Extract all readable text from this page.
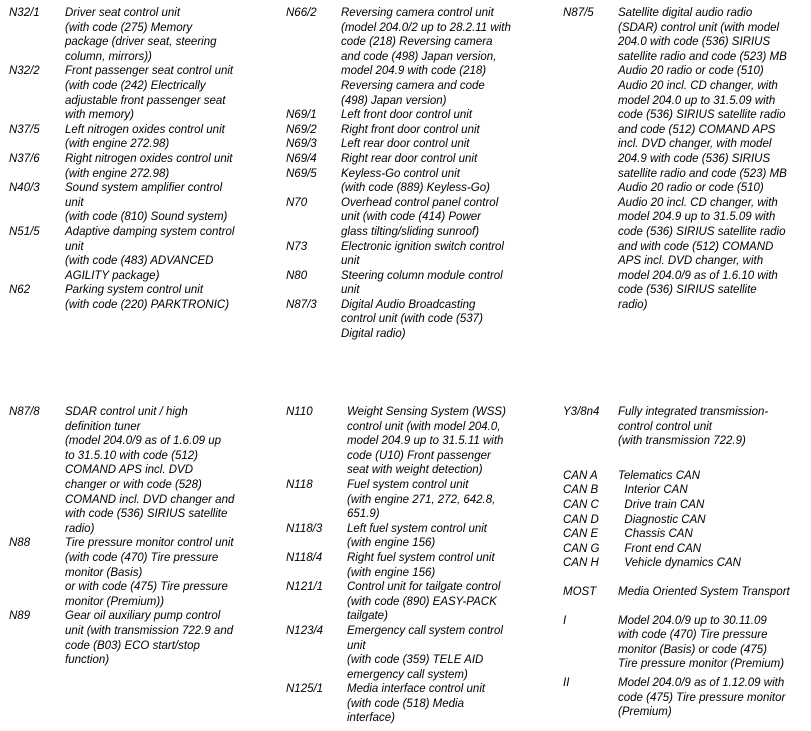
N32/1	Driver seat control unit
(with code (275) Memory
package (driver seat, steering
column, mirrors))
N32/2	Front passenger seat control unit
(with code (242) Electrically
adjustable front passenger seat
with memory)
N37/5	Left nitrogen oxides control unit
(with engine 272.98)
N37/6	Right nitrogen oxides control unit
(with engine 272.98)
N40/3	Sound system amplifier control
unit
(with code (810) Sound system)
N51/5	Adaptive damping system control
unit
(with code (483) ADVANCED
AGILITY package)
N62	Parking system control unit
(with code (220) PARKTRONIC)
N66/2	Reversing camera control unit
(model 204.0/2 up to 28.2.11 with
code (218) Reversing camera
and code (498) Japan version,
model 204.9 with code (218)
Reversing camera and code
(498) Japan version)
N69/1	Left front door control unit
N69/2	Right front door control unit
N69/3	Left rear door control unit
N69/4	Right rear door control unit
N69/5	Keyless-Go control unit
(with code (889) Keyless-Go)
N70	Overhead control panel control
unit (with code (414) Power
glass tilting/sliding sunroof)
N73	Electronic ignition switch control
unit
N80	Steering column module control
unit
N87/3	Digital Audio Broadcasting
control unit (with code (537)
Digital radio)
N87/5	Satellite digital audio radio
(SDAR) control unit (with model
204.0 with code (536) SIRIUS
satellite radio and code (523) MB
Audio 20 radio or code (510)
Audio 20 incl. CD changer, with
model 204.0 up to 31.5.09 with
code (536) SIRIUS satellite radio
and code (512) COMAND APS
incl. DVD changer, with model
204.9 with code (536) SIRIUS
satellite radio and code (523) MB
Audio 20 radio or code (510)
Audio 20 incl. CD changer, with
model 204.9 up to 31.5.09 with
code (536) SIRIUS satellite radio
and with code (512) COMAND
APS incl. DVD changer, with
model 204.0/9 as of 1.6.10 with
code (536) SIRIUS satellite
radio)
N87/8	SDAR control unit / high
definition tuner
(model 204.0/9 as of 1.6.09 up
to 31.5.10 with code (512)
COMAND APS incl. DVD
changer or with code (528)
COMAND incl. DVD changer and
with code (536) SIRIUS satellite
radio)
N88	Tire pressure monitor control unit
(with code (470) Tire pressure
monitor (Basis)
or with code (475) Tire pressure
monitor (Premium))
N89	Gear oil auxiliary pump control
unit (with transmission 722.9 and
code (B03) ECO start/stop
function)
N110	Weight Sensing System (WSS)
control unit (with model 204.0,
model 204.9 up to 31.5.11 with
code (U10) Front passenger
seat with weight detection)
N118	Fuel system control unit
(with engine 271, 272, 642.8,
651.9)
N118/3	Left fuel system control unit
(with engine 156)
N118/4	Right fuel system control unit
(with engine 156)
N121/1	Control unit for tailgate control
(with code (890) EASY-PACK
tailgate)
N123/4	Emergency call system control
unit
(with code (359) TELE AID
emergency call system)
N125/1	Media interface control unit
(with code (518) Media
interface)
Y3/8n4	Fully integrated transmission-
control control unit
(with transmission 722.9)
CAN A	Telematics CAN
CAN B	Interior CAN
CAN C	Drive train CAN
CAN D	Diagnostic CAN
CAN E	Chassis CAN
CAN G	Front end CAN
CAN H	Vehicle dynamics CAN
MOST	Media Oriented System Transport
I	Model 204.0/9 up to 30.11.09
with code (470) Tire pressure
monitor (Basis) or code (475)
Tire pressure monitor (Premium)
II	Model 204.0/9 as of 1.12.09 with
code (475) Tire pressure monitor
(Premium)
